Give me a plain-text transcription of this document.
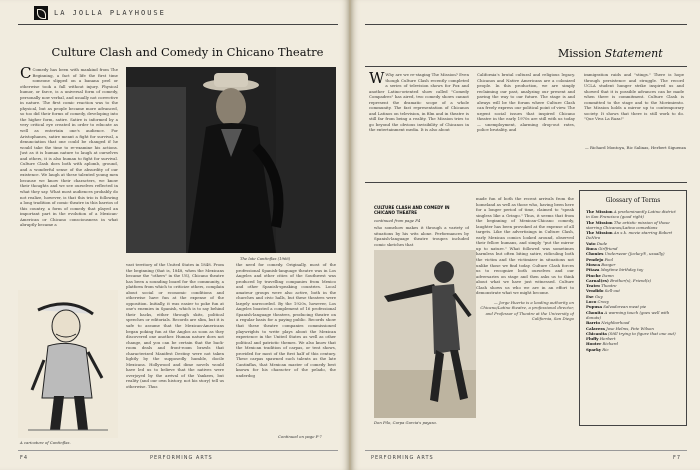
LA JOLLA PLAYHOUSE
Culture Clash and Comedy in Chicano Theatre
C Comedy has been with mankind from The Beginning, a fact of life the first time someone slipped on a banana peel or otherwise took a fall without injury. Physical humor, or farce, is a universal form of comedy, personally now verbal, and usually not corrective in nature. The first comic reaction was to the physical, but as people became more advanced, so too did their forms of comedy, developing into the higher form, satire. Satire is informed by a very critical eye created in order to educate as well as entertain one's audience. For Aristophanes, satire meant a fight for survival, a denunciation that one could be changed if he would take the time to re-examine his actions. Just as it is human nature to laugh at ourselves and others, it is also human to fight for survival. Culture Clash does both with aplomb, ground, and a wonderful sense of the absurdity of our existence. We laugh at these talented young men because we know their characters, we know their thoughts and we see ourselves reflected in what they say. What most audiences probably do not realize, however, is that this trio is following a long tradition of comic theatre in this barrios of this country, a form of comedy that played an important part in the evolution of a Mexican-American or Chicano consciousness in what abruptly became a
The late Cantinflas (1966)
A caricature of Cantinflas.
vast territory of the United States in 1848. From the beginning (that is, 1848, when the Mexicans became the "others" in the US), Chicano theatre has been a sounding board for the community, a platform from which to criticize others, complain about social or economic conditions and otherwise have fun at the expense of the opposition. Initially, it was easier to poke fun at one's enemies in Spanish, which is to say behind their backs, either through skits, political speeches or editorials. Records are slim, but it is safe to assume that the Mexican-Americans began poking fun at the Anglos as soon as they discovered one another. Human nature does not change, and you can be certain that the back-room deals and front-room brawls that characterized Manifest Destiny were not taken lightly by the supposedly humble, docile Mexicans. Hollywood and dime novels would have led us to believe that the natives were overjoyed by the arrival of the Yankees, but reality (and our own history, not his story) tell us otherwise. Thus
the need for comedy. Originally, most of the professional Spanish-language theatre was in Los Angeles and other cities of the Southwest was produced by travelling companies from Mexico and other Spanish-speaking countries. Local amateur groups were also active, both in the churches and civic halls, but these theatres were largely unrecorded. By the 1920s, however, Los Angeles boasted a complement of 16 professional Spanish-language theatres, producing theatre on a regular basis for a paying public. Records show that these theatre companies commissioned playwrights to write plays about the Mexican experience in the United States as well as other political and patriotic themes. We also know that the Mexican tradition of carpas, or tent shows, provided for most of the first half of this century. These carpas spawned such talents as the late Cantinflas, that Mexican master of comedy best known for his character of the pelado, the underdog
Continued on page F-7
F4	PERFORMING ARTS
Mission Statement
W Why are we re-staging The Mission? Even though Culture Clash recently completed a series of television shows for Fox and another Latino-oriented show called "Comedy Compadres" has aired, two comedy shows cannot represent the dramatic scope of a whole community. The fast representation of Chicanos and Latinos on television, in film and in theatre is still far from being a reality. The Mission tries to go beyond the obvious invisibility of Chicanos in the entertainment media. It is also about
California's brutal cultural and religious legacy. Chicanos and Native Americans are a colonized people. In this production, we are simply reclaiming our past, analyzing our present and paving the way to our future. The stage is and always will be the forum where Culture Clash can freely express our political point of view. The urgent social issues that inspired Chicano theatre in the early 1970s are still with us today — unemployment, alarming drop-out rates, police brutality, and
immigration raids and "stings." There is hope through persistence and struggle. The record UCLA student hunger strike inspired us and showed that it is possible advances can be made when there is commitment. Culture Clash is committed to the stage and to the Movimiento. The Mission holds a mirror up to contemporary society. It shows that there is still work to do. "Que Viva La Raza!"
— Richard Montoya, Ric Salinas, Herbert Siguenza
CULTURE CLASH AND COMEDY IN CHICANO THEATRE
continued from page F4
who somehow makes it through a variety of situations by his wits alone. Performances by Spanish-language theatre troupes included comic sketches that
made fun of both the recent arrivals from the homeland as well as those who, having been here for a longer period of time, claimed to "speak singless like a Gringo." Thus, it seems that from the beginning of Mexican-Chicano comedy, laughter has been provoked at the expense of all targets. Like the advertisings in Culture Clash, early Mexican comics looked around, observed their fellow humans, and simply "put the mirror up to nature." What followed was sometimes harmless but often biting satire, ridiculing both the victim and the victimizer in situations not unlike those we find today. Culture Clash forces us to recognize both ourselves and our adversaries on stage and then asks us to think about what we have just witnessed. Culture Clash shows us who we are in an effort to demonstrate what we might become.
— Jorge Huerta is a leading authority on Chicano/Latino theatre, a professional director, and Professor of Theatre at the University of California, San Diego
Don Pilo, Carpa Garcia's payaso.
Glossary of Terms
The Mission A predominantly Latino district in San Francisco (good right)
The Mission The artistic mission of those starring Chicanos/Latino comedians
The Mission An s.k. movie starring Robert DeNiro
Vato Dude
Ruca Girlfriend
Chonies Underwear (Jockey®, usually)
Pendejo Fool
Mosca Booger
Pítaza Maytime birthday toy
Pinche Damn
Carnal(es) Brother(s), Friend(s)
Teatro Theatre
Vendido Sell-out
Ese Guy
Loco Crazy
Pupusa Salvadorean meat pie
Chonita A warming touch (goes well with donuts)
Barrio Neighborhood
Calavera Jose Helms, Pete Wilson
Chicanita (Still trying to figure that one out)
Fluffy Herbert
Hooter Richard
Sparky Ric
PERFORMING ARTS	F7
